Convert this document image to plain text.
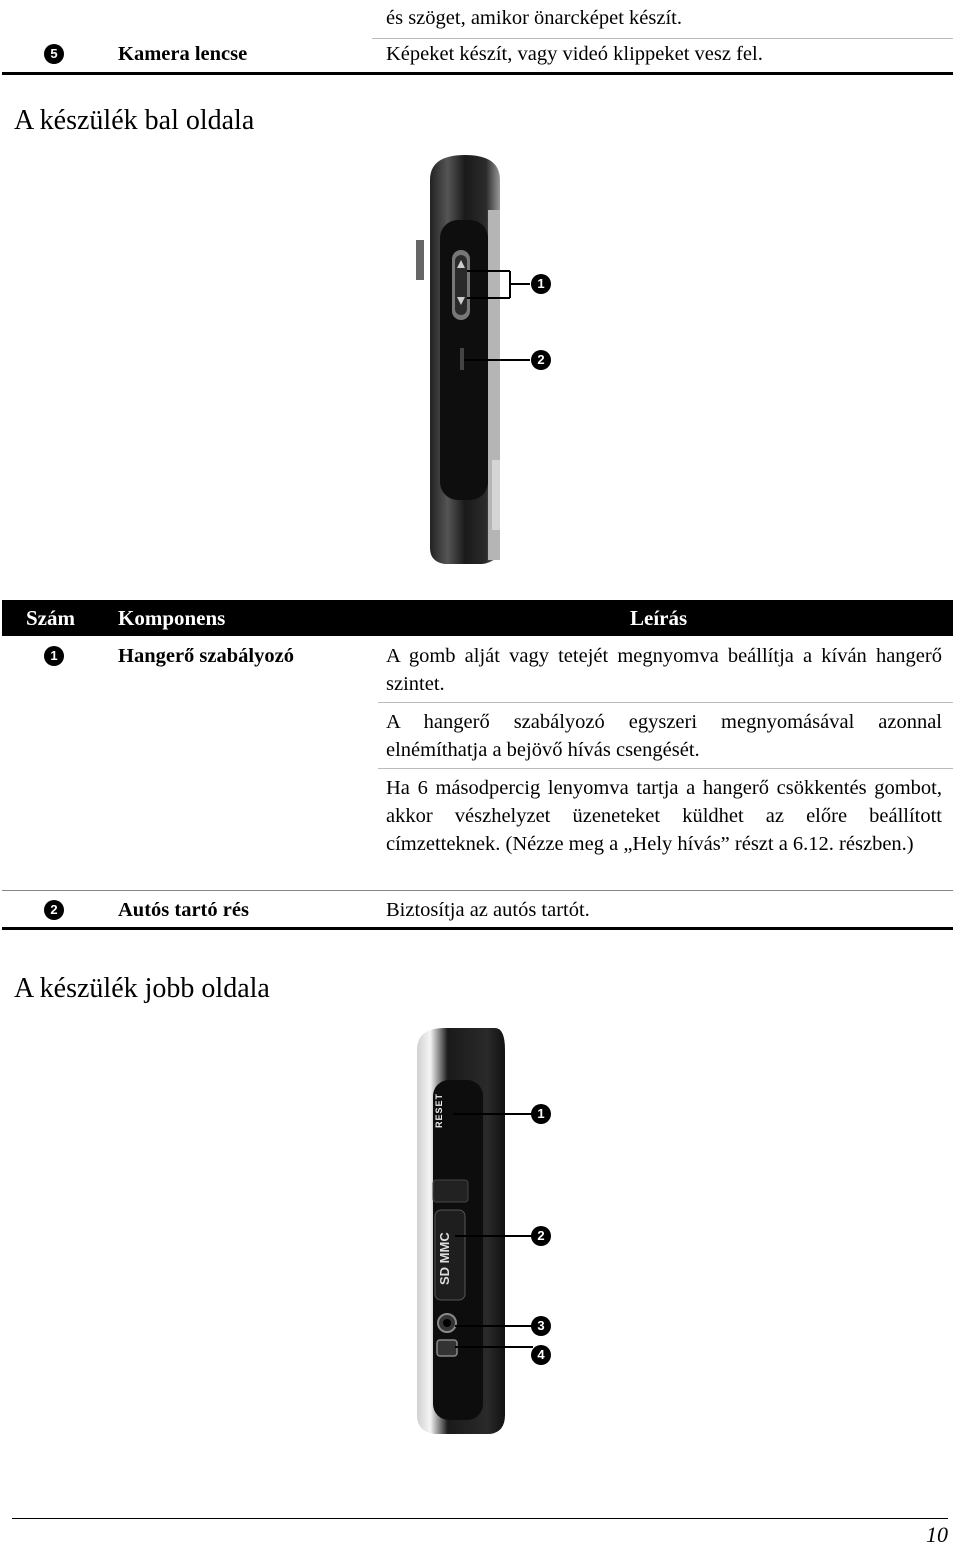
és szöget, amikor önarcképet készít.
5	Kamera lencse	Képeket készít, vagy videó klippeket vesz fel.
A készülék bal oldala
1
2
Szám Komponens	Leírás
1	Hangerő szabályozó	A gomb alját vagy tetejét megnyomva beállítja a kíván hangerő szintet.
A hangerő szabályozó egyszeri megnyomásával azonnal elnémíthatja a bejövő hívás csengését.
Ha 6 másodpercig lenyomva tartja a hangerő csökkentés gombot, akkor vészhelyzet üzeneteket küldhet az előre beállított címzetteknek. (Nézze meg a „Hely hívás” részt a 6.12. részben.)
2	Autós tartó rés	Biztosítja az autós tartót.
A készülék jobb oldala
RESET
SD MMC
1
2
3
4
10
